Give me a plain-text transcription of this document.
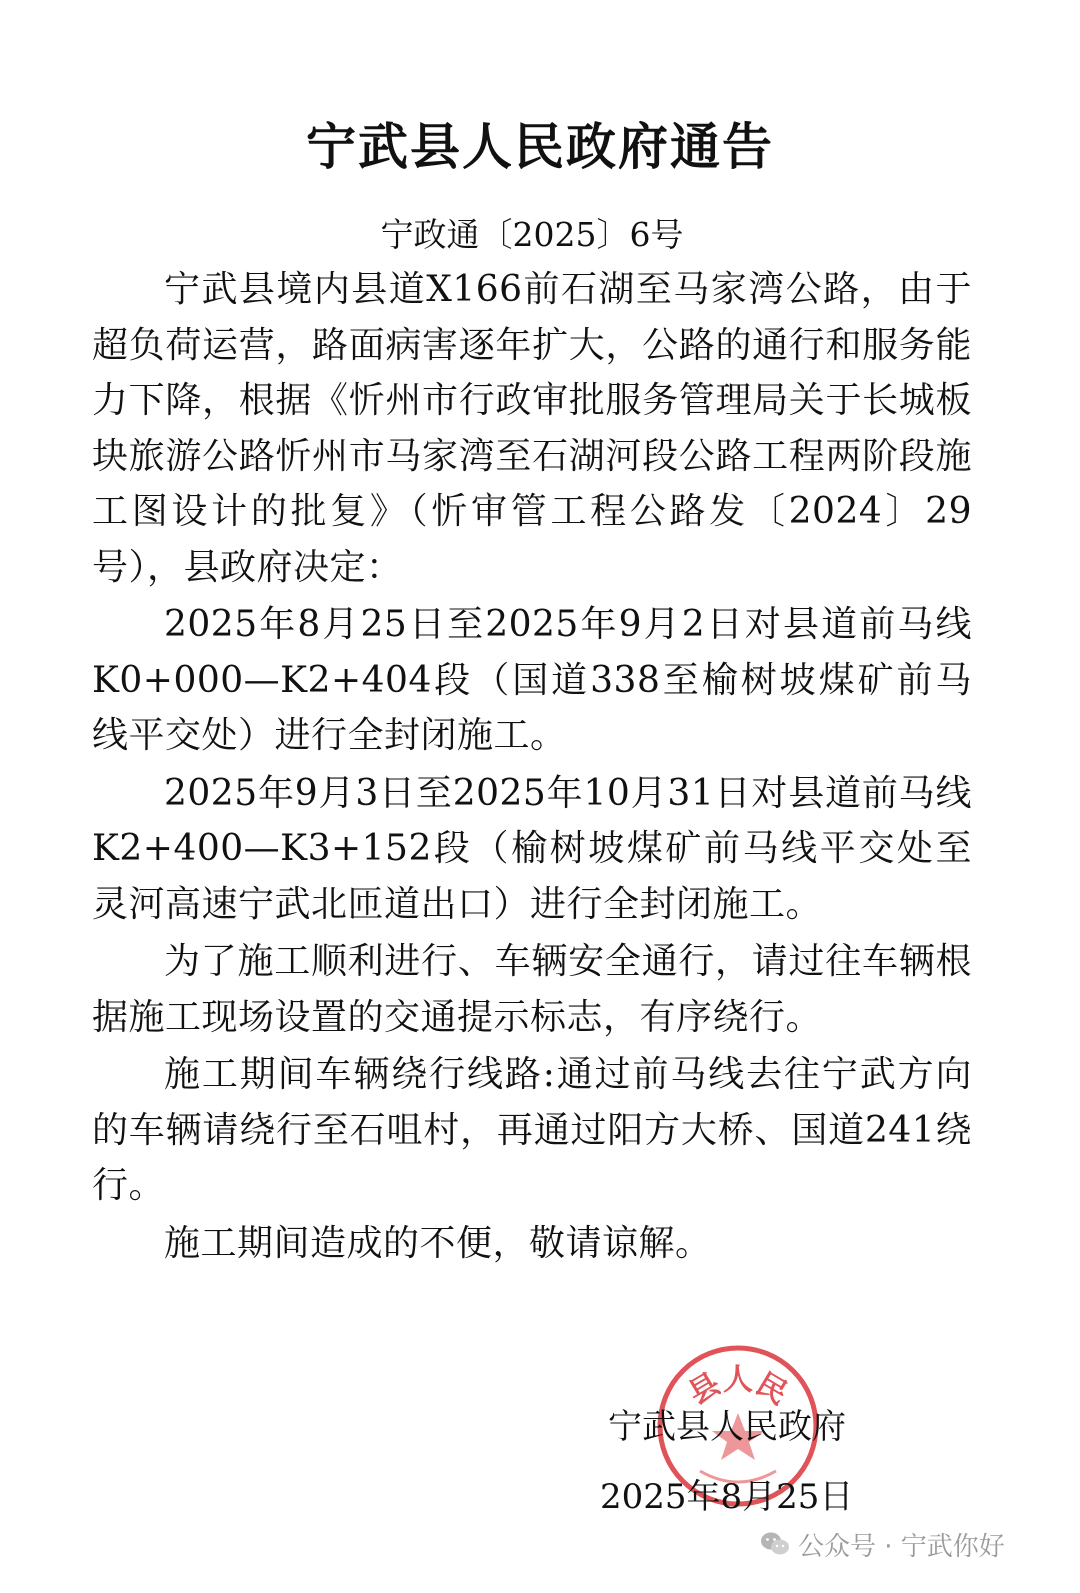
宁武县人民政府通告
宁政通〔2025〕6号

宁武县境内县道X166前石湖至马家湾公路，由于超负荷运营，路面病害逐年扩大，公路的通行和服务能力下降，根据《忻州市行政审批服务管理局关于长城板块旅游公路忻州市马家湾至石湖河段公路工程两阶段施工图设计的批复》（忻审管工程公路发〔2024〕29号），县政府决定：

2025年8月25日至2025年9月2日对县道前马线K0+000—K2+404段（国道338至榆树坡煤矿前马线平交处）进行全封闭施工。

2025年9月3日至2025年10月31日对县道前马线K2+400—K3+152段（榆树坡煤矿前马线平交处至灵河高速宁武北匝道出口）进行全封闭施工。

为了施工顺利进行、车辆安全通行，请过往车辆根据施工现场设置的交通提示标志，有序绕行。

施工期间车辆绕行线路:通过前马线去往宁武方向的车辆请绕行至石咀村，再通过阳方大桥、国道241绕行。

施工期间造成的不便，敬请谅解。

县人民
宁武县人民政府
2025年8月25日
公众号 · 宁武你好
